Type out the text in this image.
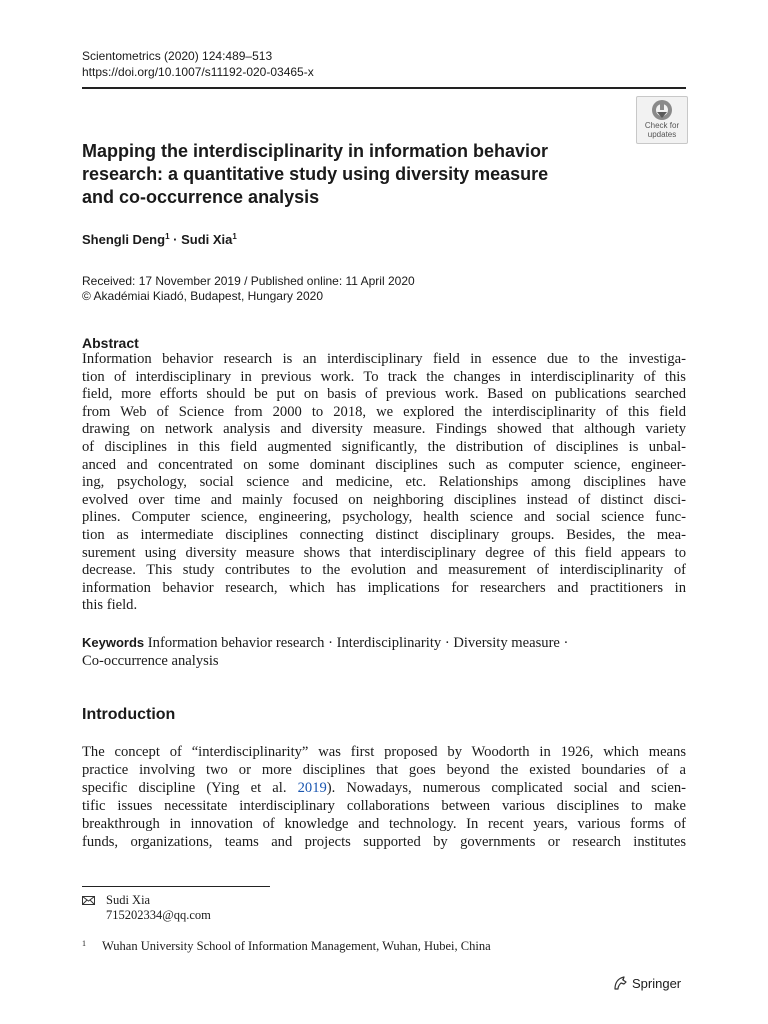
Scientometrics (2020) 124:489–513
https://doi.org/10.1007/s11192-020-03465-x
Check for
updates
Mapping the interdisciplinarity in information behavior
research: a quantitative study using diversity measure
and co-occurrence analysis
Shengli Deng$^1$ · Sudi Xia$^1$
Received: 17 November 2019 / Published online: 11 April 2020
© Akadémiai Kiadó, Budapest, Hungary 2020
Abstract
Information behavior research is an interdisciplinary field in essence due to the investiga-
tion of interdisciplinary in previous work. To track the changes in interdisciplinarity of this
field, more efforts should be put on basis of previous work. Based on publications searched
from Web of Science from 2000 to 2018, we explored the interdisciplinarity of this field
drawing on network analysis and diversity measure. Findings showed that although variety
of disciplines in this field augmented significantly, the distribution of disciplines is unbal-
anced and concentrated on some dominant disciplines such as computer science, engineer-
ing, psychology, social science and medicine, etc. Relationships among disciplines have
evolved over time and mainly focused on neighboring disciplines instead of distinct disci-
plines. Computer science, engineering, psychology, health science and social science func-
tion as intermediate disciplines connecting distinct disciplinary groups. Besides, the mea-
surement using diversity measure shows that interdisciplinary degree of this field appears to
decrease. This study contributes to the evolution and measurement of interdisciplinarity of
information behavior research, which has implications for researchers and practitioners in
this field.
Keywords Information behavior research · Interdisciplinarity · Diversity measure ·
Co-occurrence analysis
Introduction
The concept of “interdisciplinarity” was first proposed by Woodorth in 1926, which means
practice involving two or more disciplines that goes beyond the existed boundaries of a
specific discipline (Ying et al. 2019). Nowadays, numerous complicated social and scien-
tific issues necessitate interdisciplinary collaborations between various disciplines to make
breakthrough in innovation of knowledge and technology. In recent years, various forms of
funds, organizations, teams and projects supported by governments or research institutes
Sudi Xia
715202334@qq.com
$^1$ Wuhan University School of Information Management, Wuhan, Hubei, China
Springer
